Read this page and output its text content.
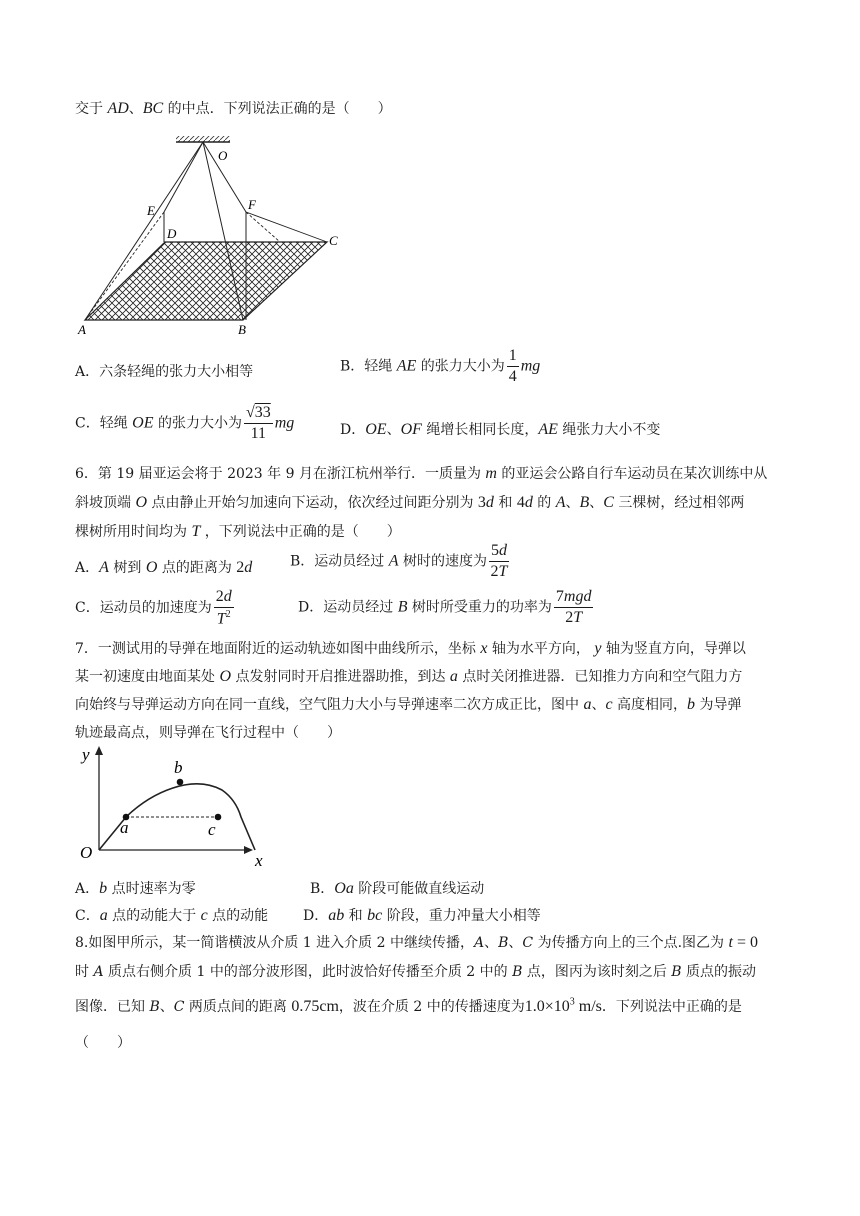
交于 AD、BC 的中点．下列说法正确的是（　　）
O
E	F
D	C
A	B
A．六条轻绳的张力大小相等	B．轻绳 AE 的张力大小为 $\frac{1}{4}$ mg
C．轻绳 OE 的张力大小为 $\frac{√33}{11}$ mg	D．OE、OF 绳增长相同长度，AE 绳张力大小不变
6．第 19 届亚运会将于 2023 年 9 月在浙江杭州举行．一质量为 m 的亚运会公路自行车运动员在某次训练中从
斜坡顶端 O 点由静止开始匀加速向下运动，依次经过间距分别为 3d 和 4d 的 A、B、C 三棵树，经过相邻两
棵树所用时间均为 T ，下列说法中正确的是（　　）
A．A 树到 O 点的距离为 2d	B．运动员经过 A 树时的速度为 $\frac{5d}{2T}$
C．运动员的加速度为 $\frac{2d}{T^2}$	D．运动员经过 B 树时所受重力的功率为 $\frac{\text{7mgd}}{2T}$
7．一测试用的导弹在地面附近的运动轨迹如图中曲线所示，坐标 x 轴为水平方向， y 轴为竖直方向，导弹以
某一初速度由地面某处 O 点发射同时开启推进器助推，到达 a 点时关闭推进器．已知推力方向和空气阻力方
向始终与导弹运动方向在同一直线，空气阻力大小与导弹速率二次方成正比，图中 a、c 高度相同，b 为导弹
轨迹最高点，则导弹在飞行过程中（　　）
y
b
a	c
O	x
A．b 点时速率为零	B．Oa 阶段可能做直线运动
C．a 点的动能大于 c 点的动能 D．ab 和 bc 阶段，重力冲量大小相等
8.如图甲所示，某一简谐横波从介质 1 进入介质 2 中继续传播，A、B、C 为传播方向上的三个点.图乙为 t = 0
时 A 质点右侧介质 1 中的部分波形图，此时波恰好传播至介质 2 中的 B 点，图丙为该时刻之后 B 质点的振动
图像．已知 B、C 两质点间的距离 0.75cm，波在介质 2 中的传播速度为$1.0\times 10^3$ m/s．下列说法中正确的是
（　　）
